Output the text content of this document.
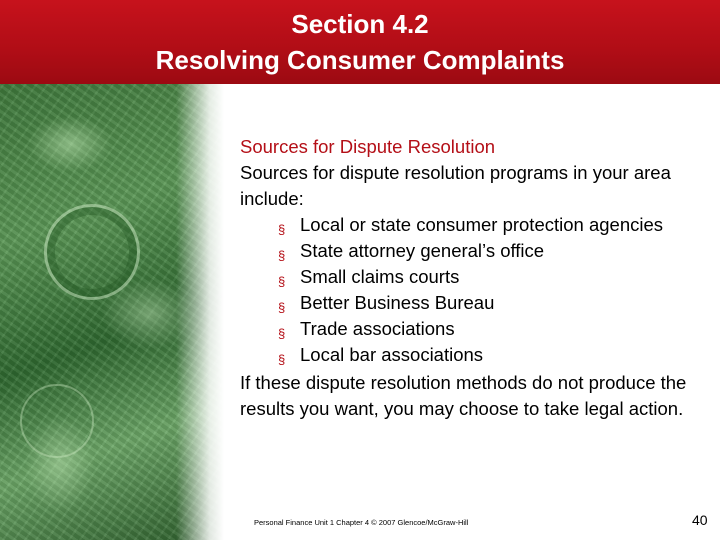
Section 4.2
Resolving Consumer Complaints
Sources for Dispute Resolution
Sources for dispute resolution programs in your area include:
§ Local or state consumer protection agencies
§ State attorney general’s office
§ Small claims courts
§ Better Business Bureau
§ Trade associations
§ Local bar associations
If these dispute resolution methods do not produce the results you want, you may choose to take legal action.
Personal Finance Unit 1 Chapter 4 © 2007 Glencoe/McGraw-Hill	40
